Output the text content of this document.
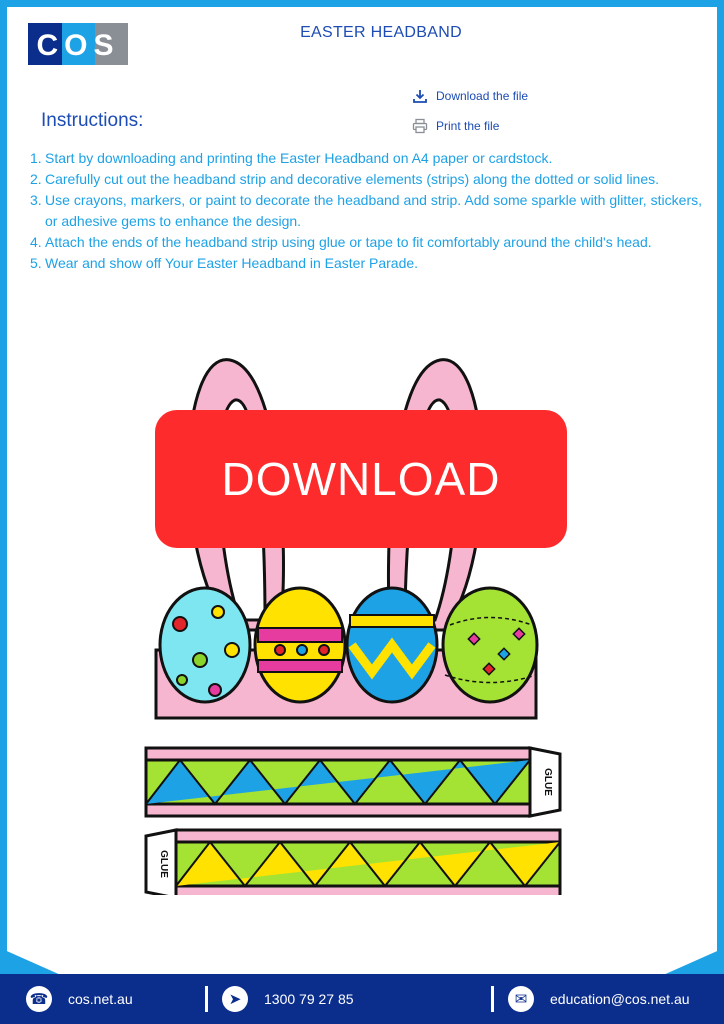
COS	EASTER HEADBAND
Download the file
Print the file
Instructions:
1. Start by downloading and printing the Easter Headband on A4 paper or cardstock.
2. Carefully cut out the headband strip and decorative elements (strips) along the dotted or solid lines.
3. Use crayons, markers, or paint to decorate the headband and strip. Add some sparkle with glitter, stickers, or adhesive gems to enhance the design.
4. Attach the ends of the headband strip using glue or tape to fit comfortably around the child's head.
5. Wear and show off Your Easter Headband in Easter Parade.
GLUE
GLUE
DOWNLOAD
☎ cos.net.au	➤	1300 79 27 85	✉	education@cos.net.au
